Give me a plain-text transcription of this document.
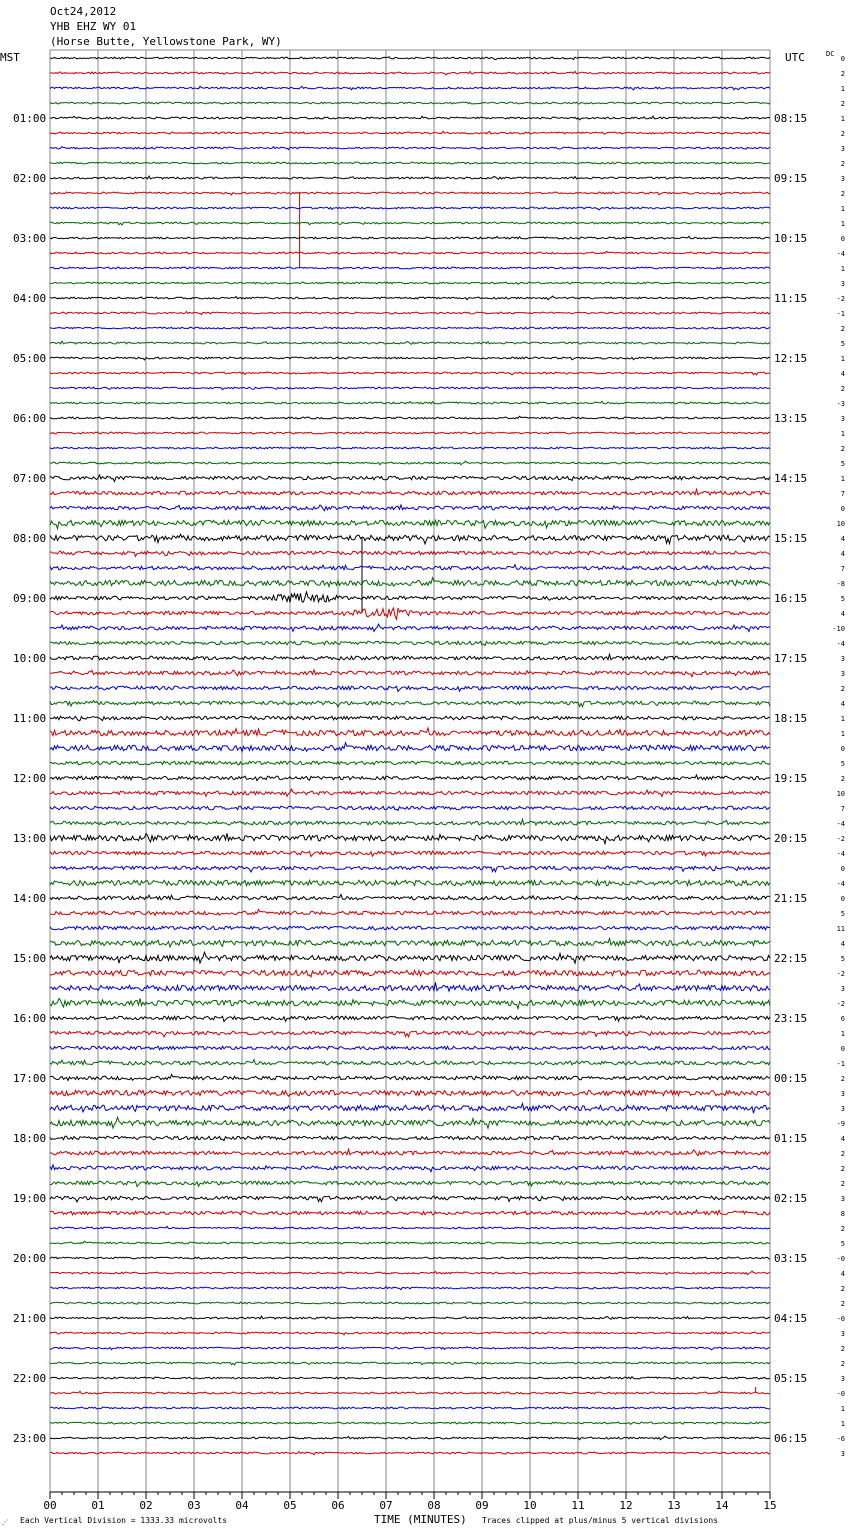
Oct24,2012
YHB EHZ WY 01
(Horse Butte, Yellowstone Park, WY)
MST	UTC	DC
01:00
02:00
03:00
04:00
05:00
06:00
07:00
08:00
09:00
10:00
11:00
12:00
13:00
14:00
15:00
16:00
17:00
18:00
19:00
20:00
21:00
22:00
23:00
08:15
09:15
10:15
11:15
12:15
13:15
14:15
15:15
16:15
17:15
18:15
19:15
20:15
21:15
22:15
23:15
00:15
01:15
02:15
03:15
04:15
05:15
06:15
0
2
1
2
1
2
3
2
3
2
1
1
0
-4
1
3
-2
-1
2
5
1
4
2
-3
3
1
2
5
1
7
0
10
4
4
7
-8
5
4
-10
-4
3
3
2
4
1
1
0
5
2
10
7
-4
-2
-4
0
-4
0
5
11
4
5
-2
3
-2
6
1
0
-1
2
3
3
-9
4
2
2
2
3
8
2
5
-0
4
2
2
-0
3
2
2
3
-0
1
1
-6
3
00	01	02	03	04	05	06	07	08	09	10	11	12	13	14	15
⋰ Each Vertical Division = 1333.33 microvolts	TIME (MINUTES) Traces clipped at plus/minus 5 vertical divisions
